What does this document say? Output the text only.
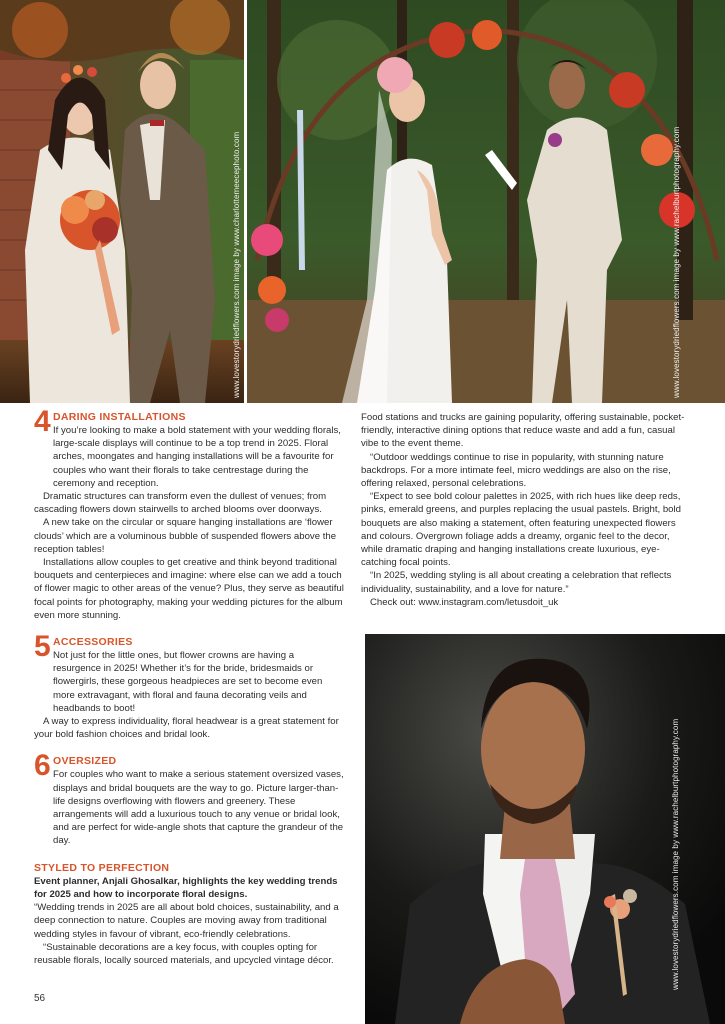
www.lovestorydriedflowers.com image by www.charlottemeecephoto.com	www.lovestorydriedflowers.com image by www.rachelburtphotography.com
www.lovestorydriedflowers.com image by www.rachelburtphotography.com
4 DARING INSTALLATIONS

If you’re looking to make a bold statement with your wedding florals, large-scale displays will continue to be a top trend in 2025. Floral arches, moongates and hanging installations will be a favourite for couples who want their florals to take centrestage during the ceremony and reception.

Dramatic structures can transform even the dullest of venues; from cascading flowers down stairwells to arched blooms over doorways.

A new take on the circular or square hanging installations are ‘flower clouds’ which are a voluminous bubble of suspended flowers above the reception tables!

Installations allow couples to get creative and think beyond traditional bouquets and centerpieces and imagine: where else can we add a touch of flower magic to other areas of the venue? Plus, they serve as beautiful focal points for photography, making your wedding pictures for the album even more stunning.

5 ACCESSORIES

Not just for the little ones, but flower crowns are having a resurgence in 2025! Whether it’s for the bride, bridesmaids or flowergirls, these gorgeous headpieces are set to become even more extravagant, with floral and fauna decorating veils and headbands to boot!

A way to express individuality, floral headwear is a great statement for your bold fashion choices and bridal look.

6 OVERSIZED

For couples who want to make a serious statement oversized vases, displays and bridal bouquets are the way to go. Picture larger-than-life designs overflowing with flowers and greenery. These arrangements will add a luxurious touch to any venue or bridal look, and are perfect for wide-angle shots that capture the grandeur of the day.

STYLED TO PERFECTION

Event planner, Anjali Ghosalkar, highlights the key wedding trends for 2025 and how to incorporate floral designs.

“Wedding trends in 2025 are all about bold choices, sustainability, and a deep connection to nature. Couples are moving away from traditional wedding styles in favour of vibrant, eco-friendly celebrations.

“Sustainable decorations are a key focus, with couples opting for reusable florals, locally sourced materials, and upcycled vintage décor.

Food stations and trucks are gaining popularity, offering sustainable, pocket-friendly, interactive dining options that reduce waste and add a fun, casual vibe to the event theme.

“Outdoor weddings continue to rise in popularity, with stunning nature backdrops. For a more intimate feel, micro weddings are also on the rise, offering relaxed, personal celebrations.

“Expect to see bold colour palettes in 2025, with rich hues like deep reds, pinks, emerald greens, and purples replacing the usual pastels. Bright, bold bouquets are also making a statement, often featuring unexpected flowers and colours. Overgrown foliage adds a dreamy, organic feel to the decor, while dramatic draping and hanging installations create luxurious, eye-catching focal points.

“In 2025, wedding styling is all about creating a celebration that reflects individuality, sustainability, and a love for nature.”

Check out: www.instagram.com/letusdoit_uk

56
